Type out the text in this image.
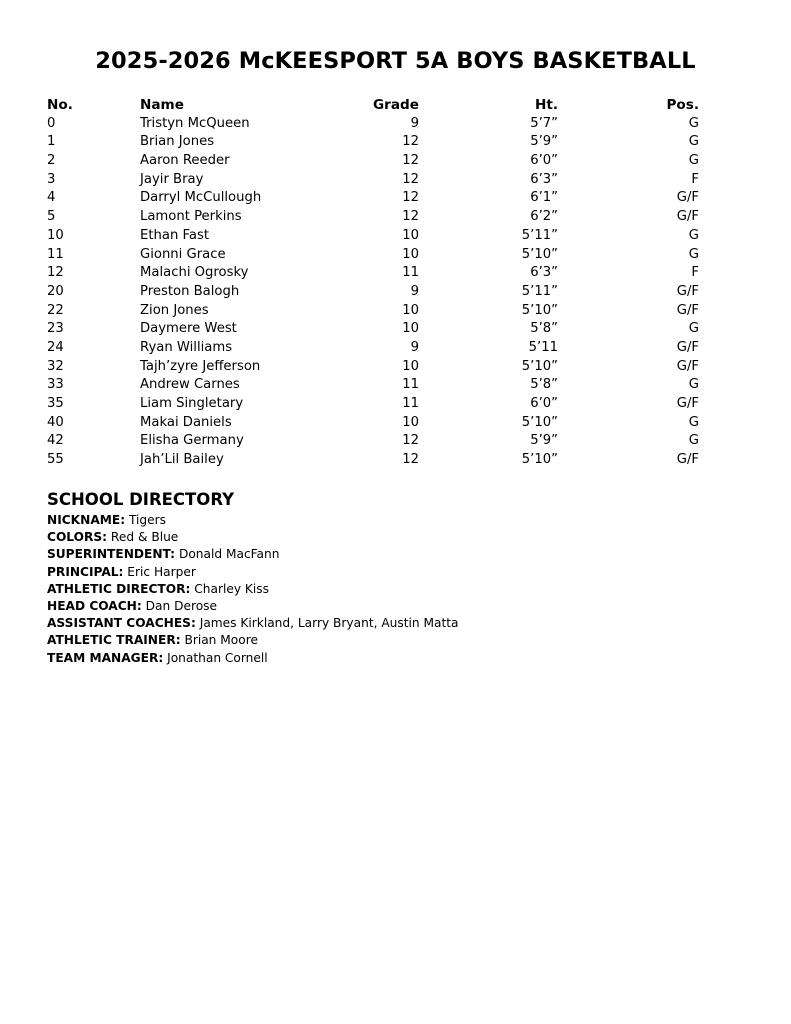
2025-2026 McKEESPORT 5A BOYS BASKETBALL
No.	Name	Grade	Ht.	Pos.
0	Tristyn McQueen	9	5’7”	G
1	Brian Jones	12	5’9”	G
2	Aaron Reeder	12	6’0”	G
3	Jayir Bray	12	6’3”	F
4	Darryl McCullough	12	6’1”	G/F
5	Lamont Perkins	12	6’2”	G/F
10	Ethan Fast	10	5’11”	G
11	Gionni Grace	10	5’10”	G
12	Malachi Ogrosky	11	6’3”	F
20	Preston Balogh	9	5’11”	G/F
22	Zion Jones	10	5’10”	G/F
23	Daymere West	10	5’8”	G
24	Ryan Williams	9	5’11	G/F
32	Tajh’zyre Jefferson	10	5’10”	G/F
33	Andrew Carnes	11	5’8”	G
35	Liam Singletary	11	6’0”	G/F
40	Makai Daniels	10	5’10”	G
42	Elisha Germany	12	5’9”	G
55	Jah’Lil Bailey	12	5’10”	G/F
SCHOOL DIRECTORY
NICKNAME: Tigers
COLORS: Red & Blue
SUPERINTENDENT: Donald MacFann
PRINCIPAL: Eric Harper
ATHLETIC DIRECTOR: Charley Kiss
HEAD COACH: Dan Derose
ASSISTANT COACHES: James Kirkland, Larry Bryant, Austin Matta
ATHLETIC TRAINER: Brian Moore
TEAM MANAGER: Jonathan Cornell
